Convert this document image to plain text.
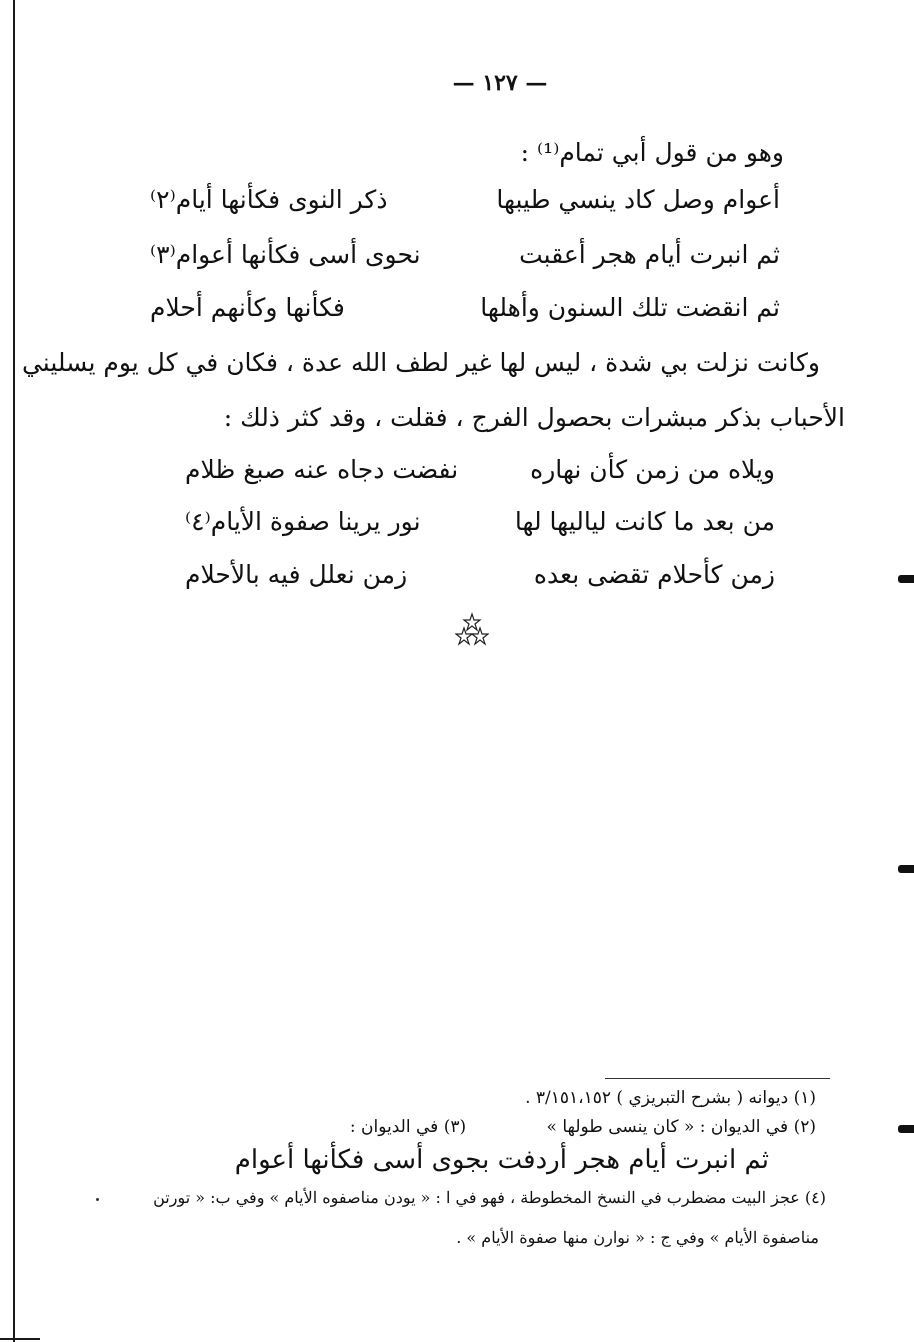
— ١٢٧ —
وهو من قول أبي تمام⁽¹⁾ :
أعوام وصل كاد ينسي طيبها
ذكر النوى فكأنها أيام⁽٢⁾
ثم انبرت أيام هجر أعقبت
نحوى أسى فكأنها أعوام⁽٣⁾
ثم انقضت تلك السنون وأهلها
فكأنها وكأنهم أحلام
وكانت نزلت بي شدة ، ليس لها غير لطف الله عدة ، فكان في كل يوم يسليني
الأحباب بذكر مبشرات بحصول الفرج ، فقلت ، وقد كثر ذلك :
ويلاه من زمن كأن نهاره
نفضت دجاه عنه صبغ ظلام
من بعد ما كانت لياليها لها
نور يرينا صفوة الأيام⁽٤⁾
زمن كأحلام تقضى بعده
زمن نعلل فيه بالأحلام
(١) ديوانه ( بشرح التبريزي ) ٣/١٥١،١٥٢ .
(٢) في الديوان : « كان ينسى طولها » (٣) في الديوان :
ثم انبرت أيام هجر أردفت بجوى أسى فكأنها أعوام
(٤) عجز البيت مضطرب في النسخ المخطوطة ، فهو في ا : « يودن مناصفوه الأيام » وفي ب: « تورتن
مناصفوة الأيام » وفي ج : « نوارن منها صفوة الأيام » .
